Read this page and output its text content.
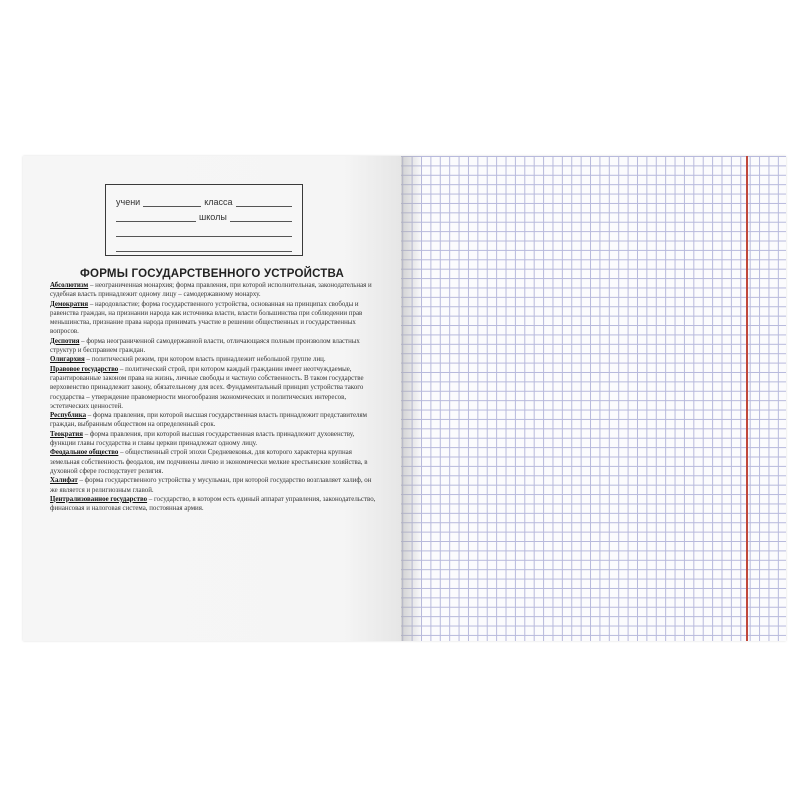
учени	класса
школы
ФОРМЫ ГОСУДАРСТВЕННОГО УСТРОЙСТВА

Абсолютизм – неограниченная монархия; форма правления, при которой исполнительная, законодательная и судебная власть принадлежит одному лицу – самодержавному монарху.

Демократия – народовластие; форма государственного устройства, основанная на принципах свободы и равенства граждан, на признании народа как источника власти, власти большинства при соблюдении прав меньшинства, признание права народа принимать участие в решении общественных и государственных вопросов.

Деспотия – форма неограниченной самодержавной власти, отличающаяся полным произволом властных структур и бесправием граждан.

Олигархия – политический режим, при котором власть принадлежит небольшой группе лиц.

Правовое государство – политический строй, при котором каждый гражданин имеет неотчуждаемые, гарантированные законом права на жизнь, личные свободы и частную собственность. В таком государстве верховенство принадлежит закону, обязательному для всех. Фундаментальный принцип устройства такого государства – утверждение правомерности многообразия экономических и политических интересов, эстетических ценностей.

Республика – форма правления, при которой высшая государственная власть принадлежит представителям граждан, выбранным обществом на определенный срок.

Теократия – форма правления, при которой высшая государственная власть принадлежит духовенству, функции главы государства и главы церкви принадлежат одному лицу.

Феодальное общество – общественный строй эпохи Средневековья, для которого характерна крупная земельная собственность феодалов, им подчинены лично и экономически мелкие крестьянские хозяйства, в духовной сфере господствует религия.

Халифат – форма государственного устройства у мусульман, при которой государство возглавляет халиф, он же является и религиозным главой.

Централизованное государство – государство, в котором есть единый аппарат управления, законодательство, финансовая и налоговая система, постоянная армия.
